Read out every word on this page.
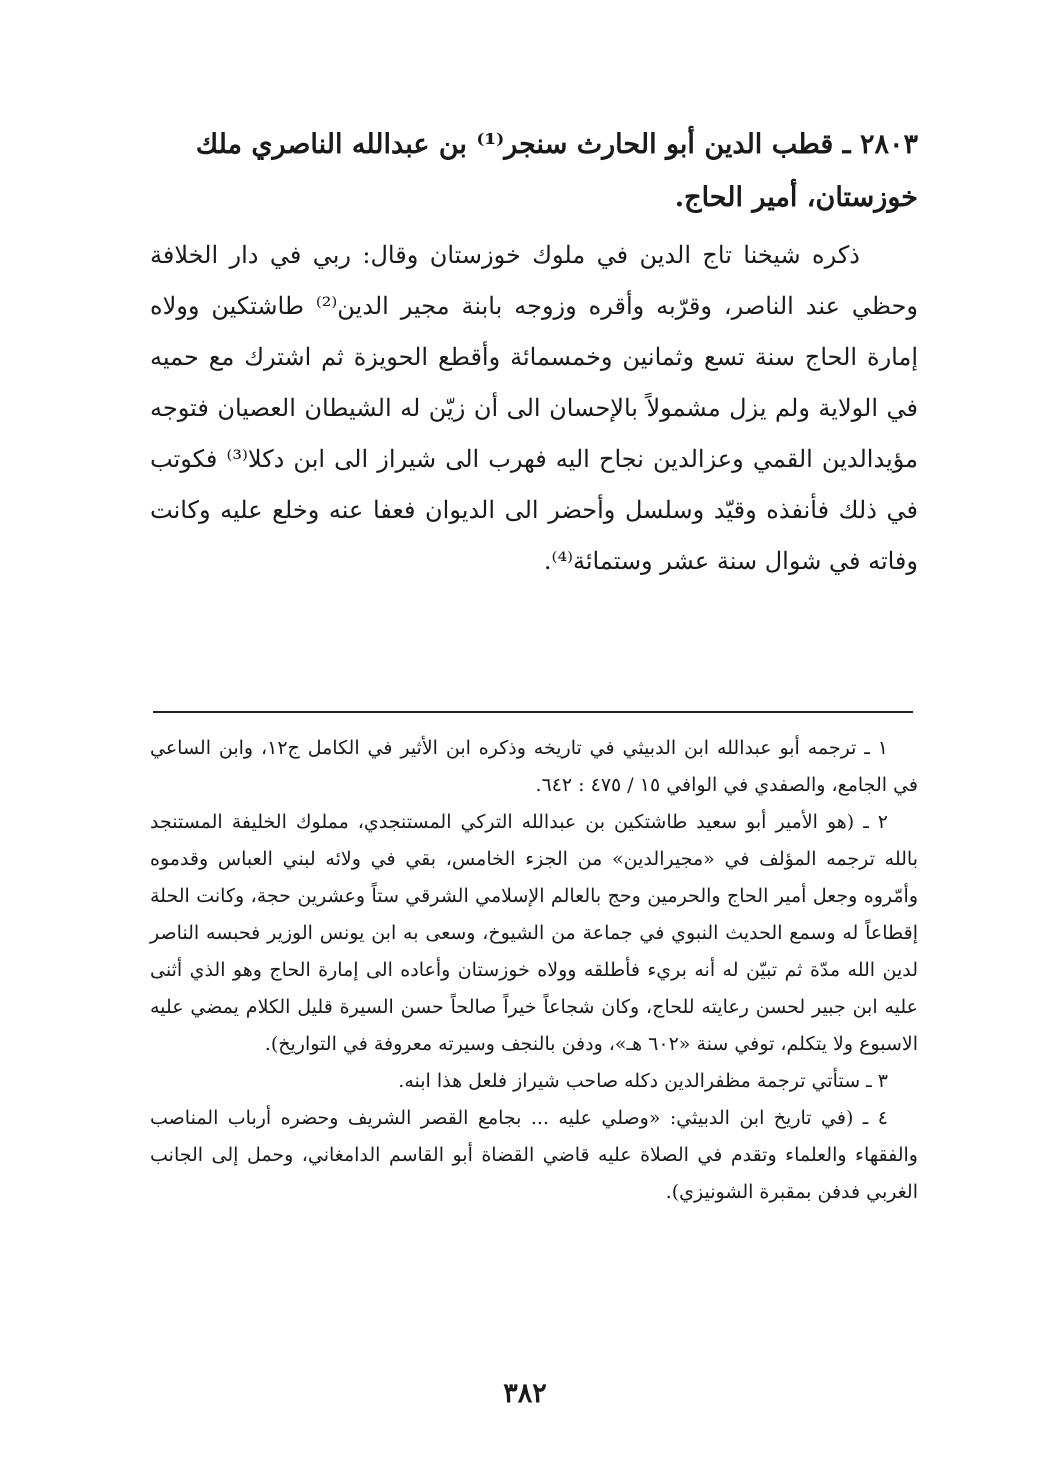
٢٨٠٣ ـ قطب الدين أبو الحارث سنجر⁽¹⁾ بن عبدالله الناصري ملك خوزستان، أمير الحاج.

ذكره شيخنا تاج الدين في ملوك خوزستان وقال: ربي في دار الخلافة وحظي عند الناصر، وقرّبه وأقره وزوجه بابنة مجير الدين⁽²⁾ طاشتكين وولاه إمارة الحاج سنة تسع وثمانين وخمسمائة وأقطع الحويزة ثم اشترك مع حميه في الولاية ولم يزل مشمولاً بالإحسان الى أن زيّن له الشيطان العصيان فتوجه مؤيدالدين القمي وعزالدين نجاح اليه فهرب الى شيراز الى ابن دكلا⁽³⁾ فكوتب في ذلك فأنفذه وقيّد وسلسل وأحضر الى الديوان فعفا عنه وخلع عليه وكانت وفاته في شوال سنة عشر وستمائة⁽⁴⁾.

١ ـ ترجمه أبو عبدالله ابن الدبيثي في تاريخه وذكره ابن الأثير في الكامل ج١٢، وابن الساعي في الجامع، والصفدي في الوافي ١٥ / ٤٧٥ : ٦٤٢.

٢ ـ (هو الأمير أبو سعيد طاشتكين بن عبدالله التركي المستنجدي، مملوك الخليفة المستنجد بالله ترجمه المؤلف في «مجيرالدين» من الجزء الخامس، بقي في ولائه لبني العباس وقدموه وأمّروه وجعل أمير الحاج والحرمين وحج بالعالم الإسلامي الشرقي ستاً وعشرين حجة، وكانت الحلة إقطاعاً له وسمع الحديث النبوي في جماعة من الشيوخ، وسعى به ابن يونس الوزير فحبسه الناصر لدين الله مدّة ثم تبيّن له أنه بريء فأطلقه وولاه خوزستان وأعاده الى إمارة الحاج وهو الذي أثنى عليه ابن جبير لحسن رعايته للحاج، وكان شجاعاً خيراً صالحاً حسن السيرة قليل الكلام يمضي عليه الاسبوع ولا يتكلم، توفي سنة «٦٠٢ هـ»، ودفن بالنجف وسيرته معروفة في التواريخ).

٣ ـ ستأتي ترجمة مظفرالدين دكله صاحب شيراز فلعل هذا ابنه.

٤ ـ (في تاريخ ابن الدبيثي: «وصلي عليه ... بجامع القصر الشريف وحضره أرباب المناصب والفقهاء والعلماء وتقدم في الصلاة عليه قاضي القضاة أبو القاسم الدامغاني، وحمل إلى الجانب الغربي فدفن بمقبرة الشونيزي).

٣٨٢
